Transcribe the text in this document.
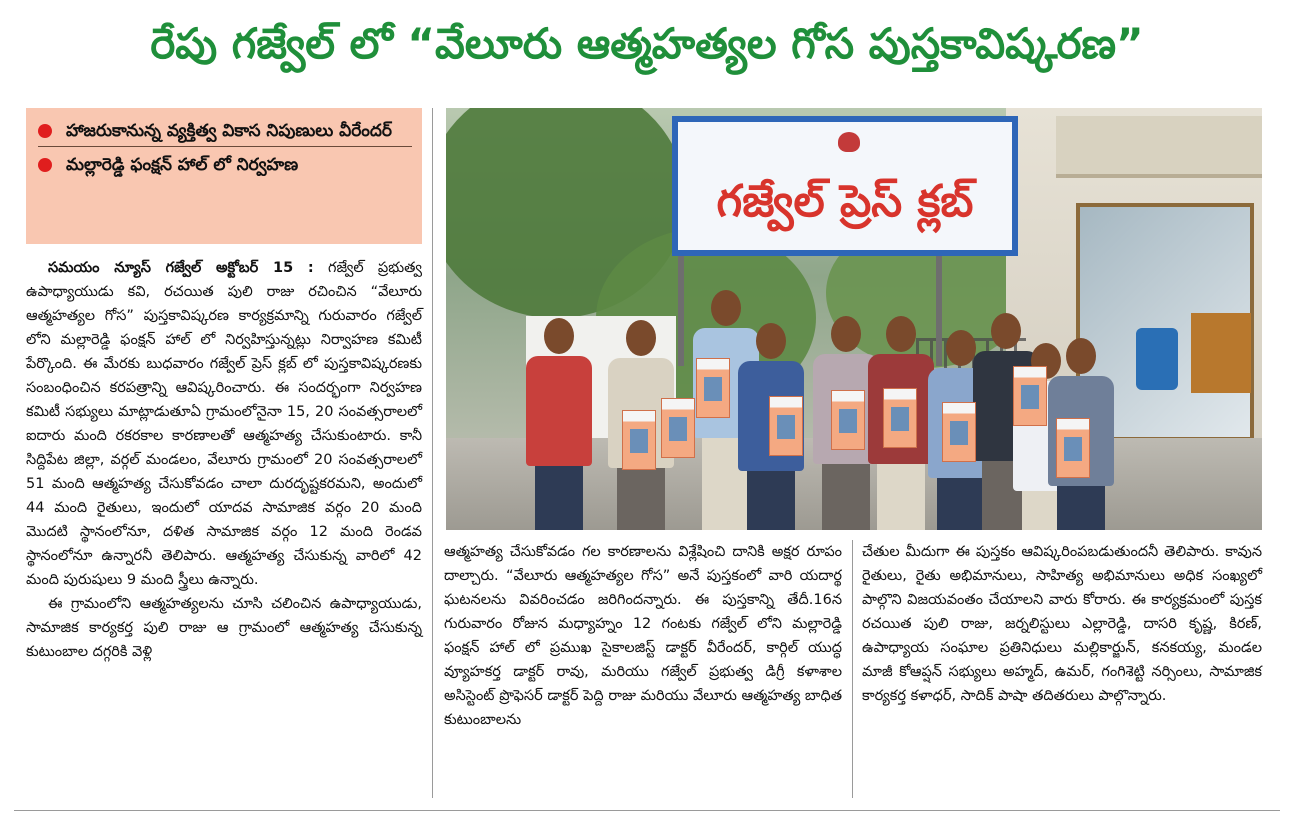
రేపు గజ్వేల్ లో “వేలూరు ఆత్మహత్యల గోస పుస్తకావిష్కరణ”
హాజరుకానున్న వ్యక్తిత్వ వికాస నిపుణులు వీరేందర్
మల్లారెడ్డి ఫంక్షన్ హాల్ లో నిర్వహణ

సమయం న్యూస్ గజ్వేల్ అక్టోబర్ 15 : గజ్వేల్ ప్రభుత్వ ఉపాధ్యాయుడు కవి, రచయిత పులి రాజు రచించిన “వేలూరు ఆత్మహత్యల గోస” పుస్తకావిష్కరణ కార్యక్రమాన్ని గురువారం గజ్వేల్ లోని మల్లారెడ్డి ఫంక్షన్ హాల్ లో నిర్వహిస్తున్నట్లు నిర్వాహణ కమిటీ పేర్కొంది. ఈ మేరకు బుధవారం గజ్వేల్ ప్రెస్ క్లబ్ లో పుస్తకావిష్కరణకు సంబంధించిన కరపత్రాన్ని ఆవిష్కరించారు. ఈ సందర్భంగా నిర్వహణ కమిటీ సభ్యులు మాట్లాడుతూఏ గ్రామంలోనైనా 15, 20 సంవత్సరాలలో ఐదారు మంది రకరకాల కారణాలతో ఆత్మహత్య చేసుకుంటారు. కానీ సిద్దిపేట జిల్లా, వర్గల్ మండలం, వేలూరు గ్రామంలో 20 సంవత్సరాలలో 51 మంది ఆత్మహత్య చేసుకోవడం చాలా దురదృష్టకరమని, అందులో 44 మంది రైతులు, ఇందులో యాదవ సామాజిక వర్గం 20 మంది మొదటి స్థానంలోనూ, దళిత సామాజిక వర్గం 12 మంది రెండవ స్థానంలోనూ ఉన్నారనీ తెలిపారు. ఆత్మహత్య చేసుకున్న వారిలో 42 మంది పురుషులు 9 మంది స్త్రీలు ఉన్నారు.

ఈ గ్రామంలోని ఆత్మహత్యలను చూసి చలించిన ఉపాధ్యాయుడు, సామాజిక కార్యకర్త పులి రాజు ఆ గ్రామంలో ఆత్మహత్య చేసుకున్న కుటుంబాల దగ్గరికి వెళ్లి

గజ్వేల్ ప్రెస్ క్లబ్

ఆత్మహత్య చేసుకోవడం గల కారణాలను విశ్లేషించి దానికి అక్షర రూపం దాల్చారు. “వేలూరు ఆత్మహత్యల గోస” అనే పుస్తకంలో వారి యదార్థ ఘటనలను వివరించడం జరిగిందన్నారు. ఈ పుస్తకాన్ని తేదీ.16న గురువారం రోజున మధ్యాహ్నం 12 గంటకు గజ్వేల్ లోని మల్లారెడ్డి ఫంక్షన్ హాల్ లో ప్రముఖ సైకాలజిస్ట్ డాక్టర్ వీరేందర్, కార్గిల్ యుద్ధ వ్యూహకర్త డాక్టర్ రావు, మరియు గజ్వేల్ ప్రభుత్వ డిగ్రీ కళాశాల అసిస్టెంట్ ప్రొఫెసర్ డాక్టర్ పెద్ది రాజు మరియు వేలూరు ఆత్మహత్య బాధిత కుటుంబాలను

చేతుల మీదుగా ఈ పుస్తకం ఆవిష్కరింపబడుతుందనీ తెలిపారు. కావున రైతులు, రైతు అభిమానులు, సాహిత్య అభిమానులు అధిక సంఖ్యలో పాల్గొని విజయవంతం చేయాలని వారు కోరారు. ఈ కార్యక్రమంలో పుస్తక రచయిత పులి రాజు, జర్నలిస్టులు ఎల్లారెడ్డి, దాసరి కృష్ణ, కిరణ్, ఉపాధ్యాయ సంఘాల ప్రతినిధులు మల్లికార్జున్, కనకయ్య, మండల మాజీ కోఆప్షన్ సభ్యులు అహ్మద్, ఉమర్, గంగిశెట్టి నర్సింలు, సామాజిక కార్యకర్త కళాధర్, సాదిక్ పాషా తదితరులు పాల్గొన్నారు.
